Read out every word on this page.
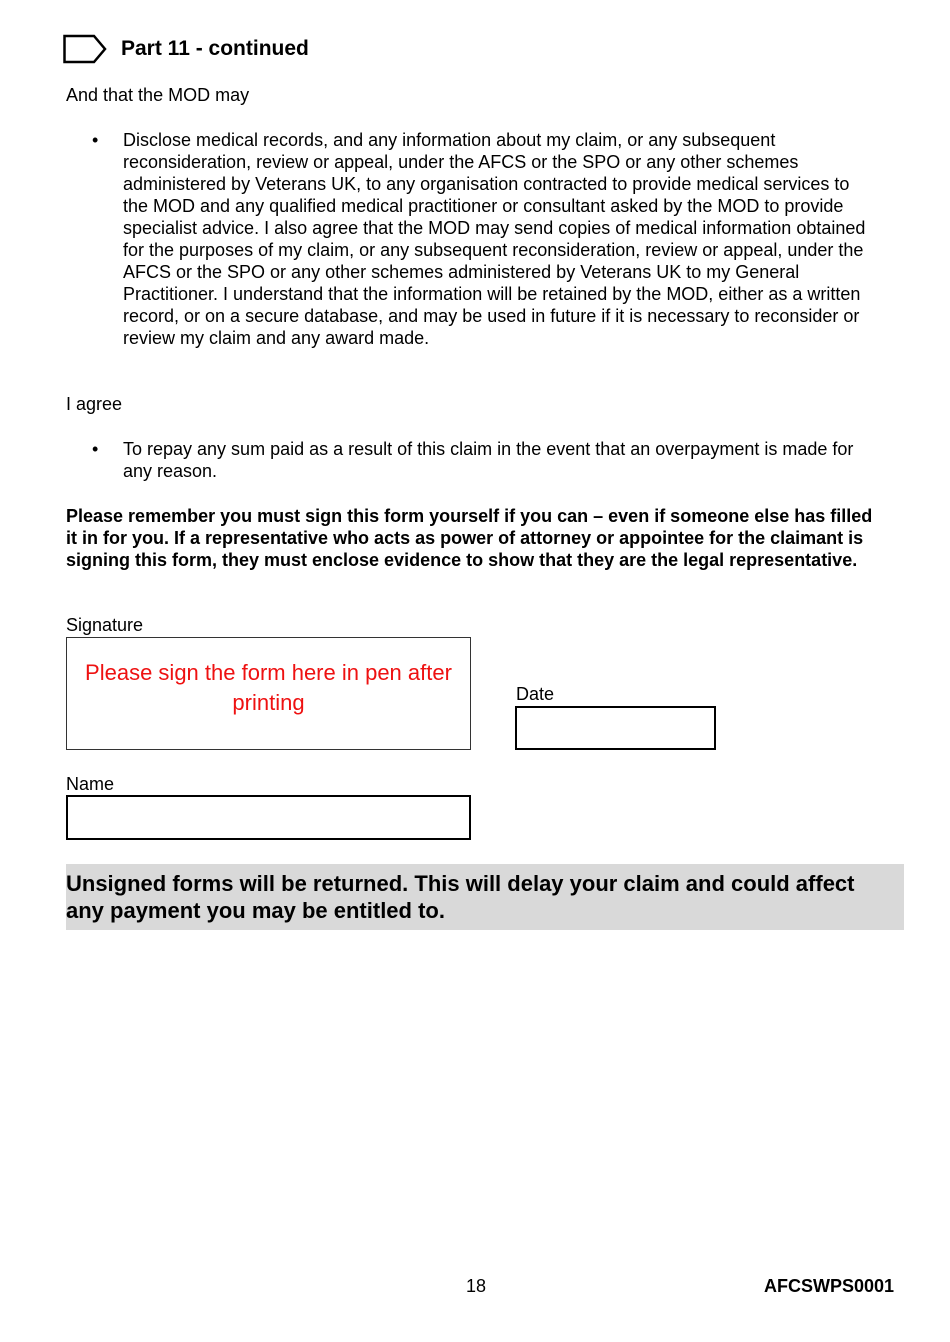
Part 11 - continued
And that the MOD may
•	Disclose medical records, and any information about my claim, or any subsequent reconsideration, review or appeal, under the AFCS or the SPO or any other schemes administered by Veterans UK, to any organisation contracted to provide medical services to the MOD and any qualified medical practitioner or consultant asked by the MOD to provide specialist advice. I also agree that the MOD may send copies of medical information obtained for the purposes of my claim, or any subsequent reconsideration, review or appeal, under the AFCS or the SPO or any other schemes administered by Veterans UK to my General Practitioner. I understand that the information will be retained by the MOD, either as a written record, or on a secure database, and may be used in future if it is necessary to reconsider or review my claim and any award made.
I agree
•	To repay any sum paid as a result of this claim in the event that an overpayment is made for any reason.
Please remember you must sign this form yourself if you can – even if someone else has filled it in for you. If a representative who acts as power of attorney or appointee for the claimant is signing this form, they must enclose evidence to show that they are the legal representative.
Signature
Please sign the form here in pen after printing	Date
Name
Unsigned forms will be returned. This will delay your claim and could affect any payment you may be entitled to.
18	AFCSWPS0001
